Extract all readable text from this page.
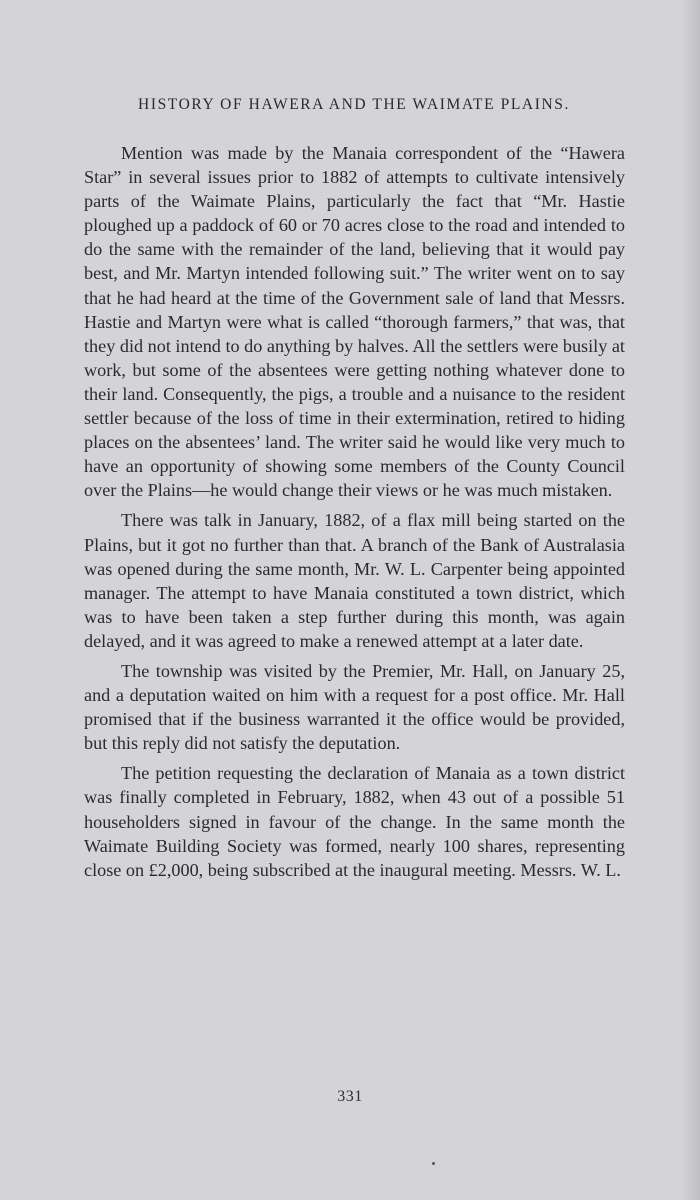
HISTORY OF HAWERA AND THE WAIMATE PLAINS.

Mention was made by the Manaia correspondent of the “Hawera Star” in several issues prior to 1882 of attempts to cultivate intensively parts of the Waimate Plains, particularly the fact that “Mr. Hastie ploughed up a paddock of 60 or 70 acres close to the road and intended to do the same with the remainder of the land, believing that it would pay best, and Mr. Martyn intended following suit.” The writer went on to say that he had heard at the time of the Government sale of land that Messrs. Hastie and Martyn were what is called “thorough farmers,” that was, that they did not intend to do anything by halves. All the settlers were busily at work, but some of the absentees were getting nothing whatever done to their land. Consequently, the pigs, a trouble and a nuisance to the resident settler because of the loss of time in their extermination, retired to hiding places on the absentees’ land. The writer said he would like very much to have an opportunity of showing some members of the County Council over the Plains—he would change their views or he was much mistaken.

There was talk in January, 1882, of a flax mill being started on the Plains, but it got no further than that. A branch of the Bank of Australasia was opened during the same month, Mr. W. L. Carpenter being appointed manager. The attempt to have Manaia constituted a town district, which was to have been taken a step further during this month, was again delayed, and it was agreed to make a renewed attempt at a later date.

The township was visited by the Premier, Mr. Hall, on January 25, and a deputation waited on him with a request for a post office. Mr. Hall promised that if the business warranted it the office would be provided, but this reply did not satisfy the deputation.

The petition requesting the declaration of Manaia as a town district was finally completed in February, 1882, when 43 out of a possible 51 householders signed in favour of the change. In the same month the Waimate Building Society was formed, nearly 100 shares, representing close on £2,000, being subscribed at the inaugural meeting. Messrs. W. L.

331
